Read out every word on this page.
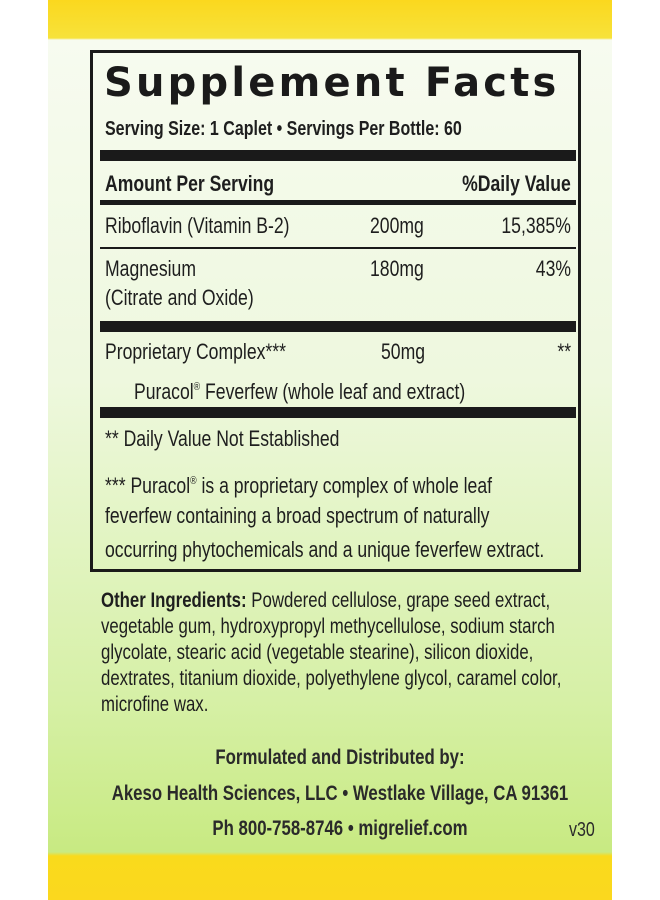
Supplement Facts
Serving Size: 1 Caplet • Servings Per Bottle: 60
Amount Per Serving	%Daily Value
Riboflavin (Vitamin B-2)	200mg	15,385%
Magnesium
(Citrate and Oxide)
180mg	43%
Proprietary Complex***	50mg	**
Puracol® Feverfew (whole leaf and extract)
** Daily Value Not Established
*** Puracol® is a proprietary complex of whole leaf
feverfew containing a broad spectrum of naturally
occurring phytochemicals and a unique feverfew extract.
Other Ingredients: Powdered cellulose, grape seed extract, vegetable gum, hydroxypropyl methycellulose, sodium starch glycolate, stearic acid (vegetable stearine), silicon dioxide, dextrates, titanium dioxide, polyethylene glycol, caramel color, microfine wax.
Formulated and Distributed by:
Akeso Health Sciences, LLC • Westlake Village, CA 91361
Ph 800-758-8746 • migrelief.com	v30
